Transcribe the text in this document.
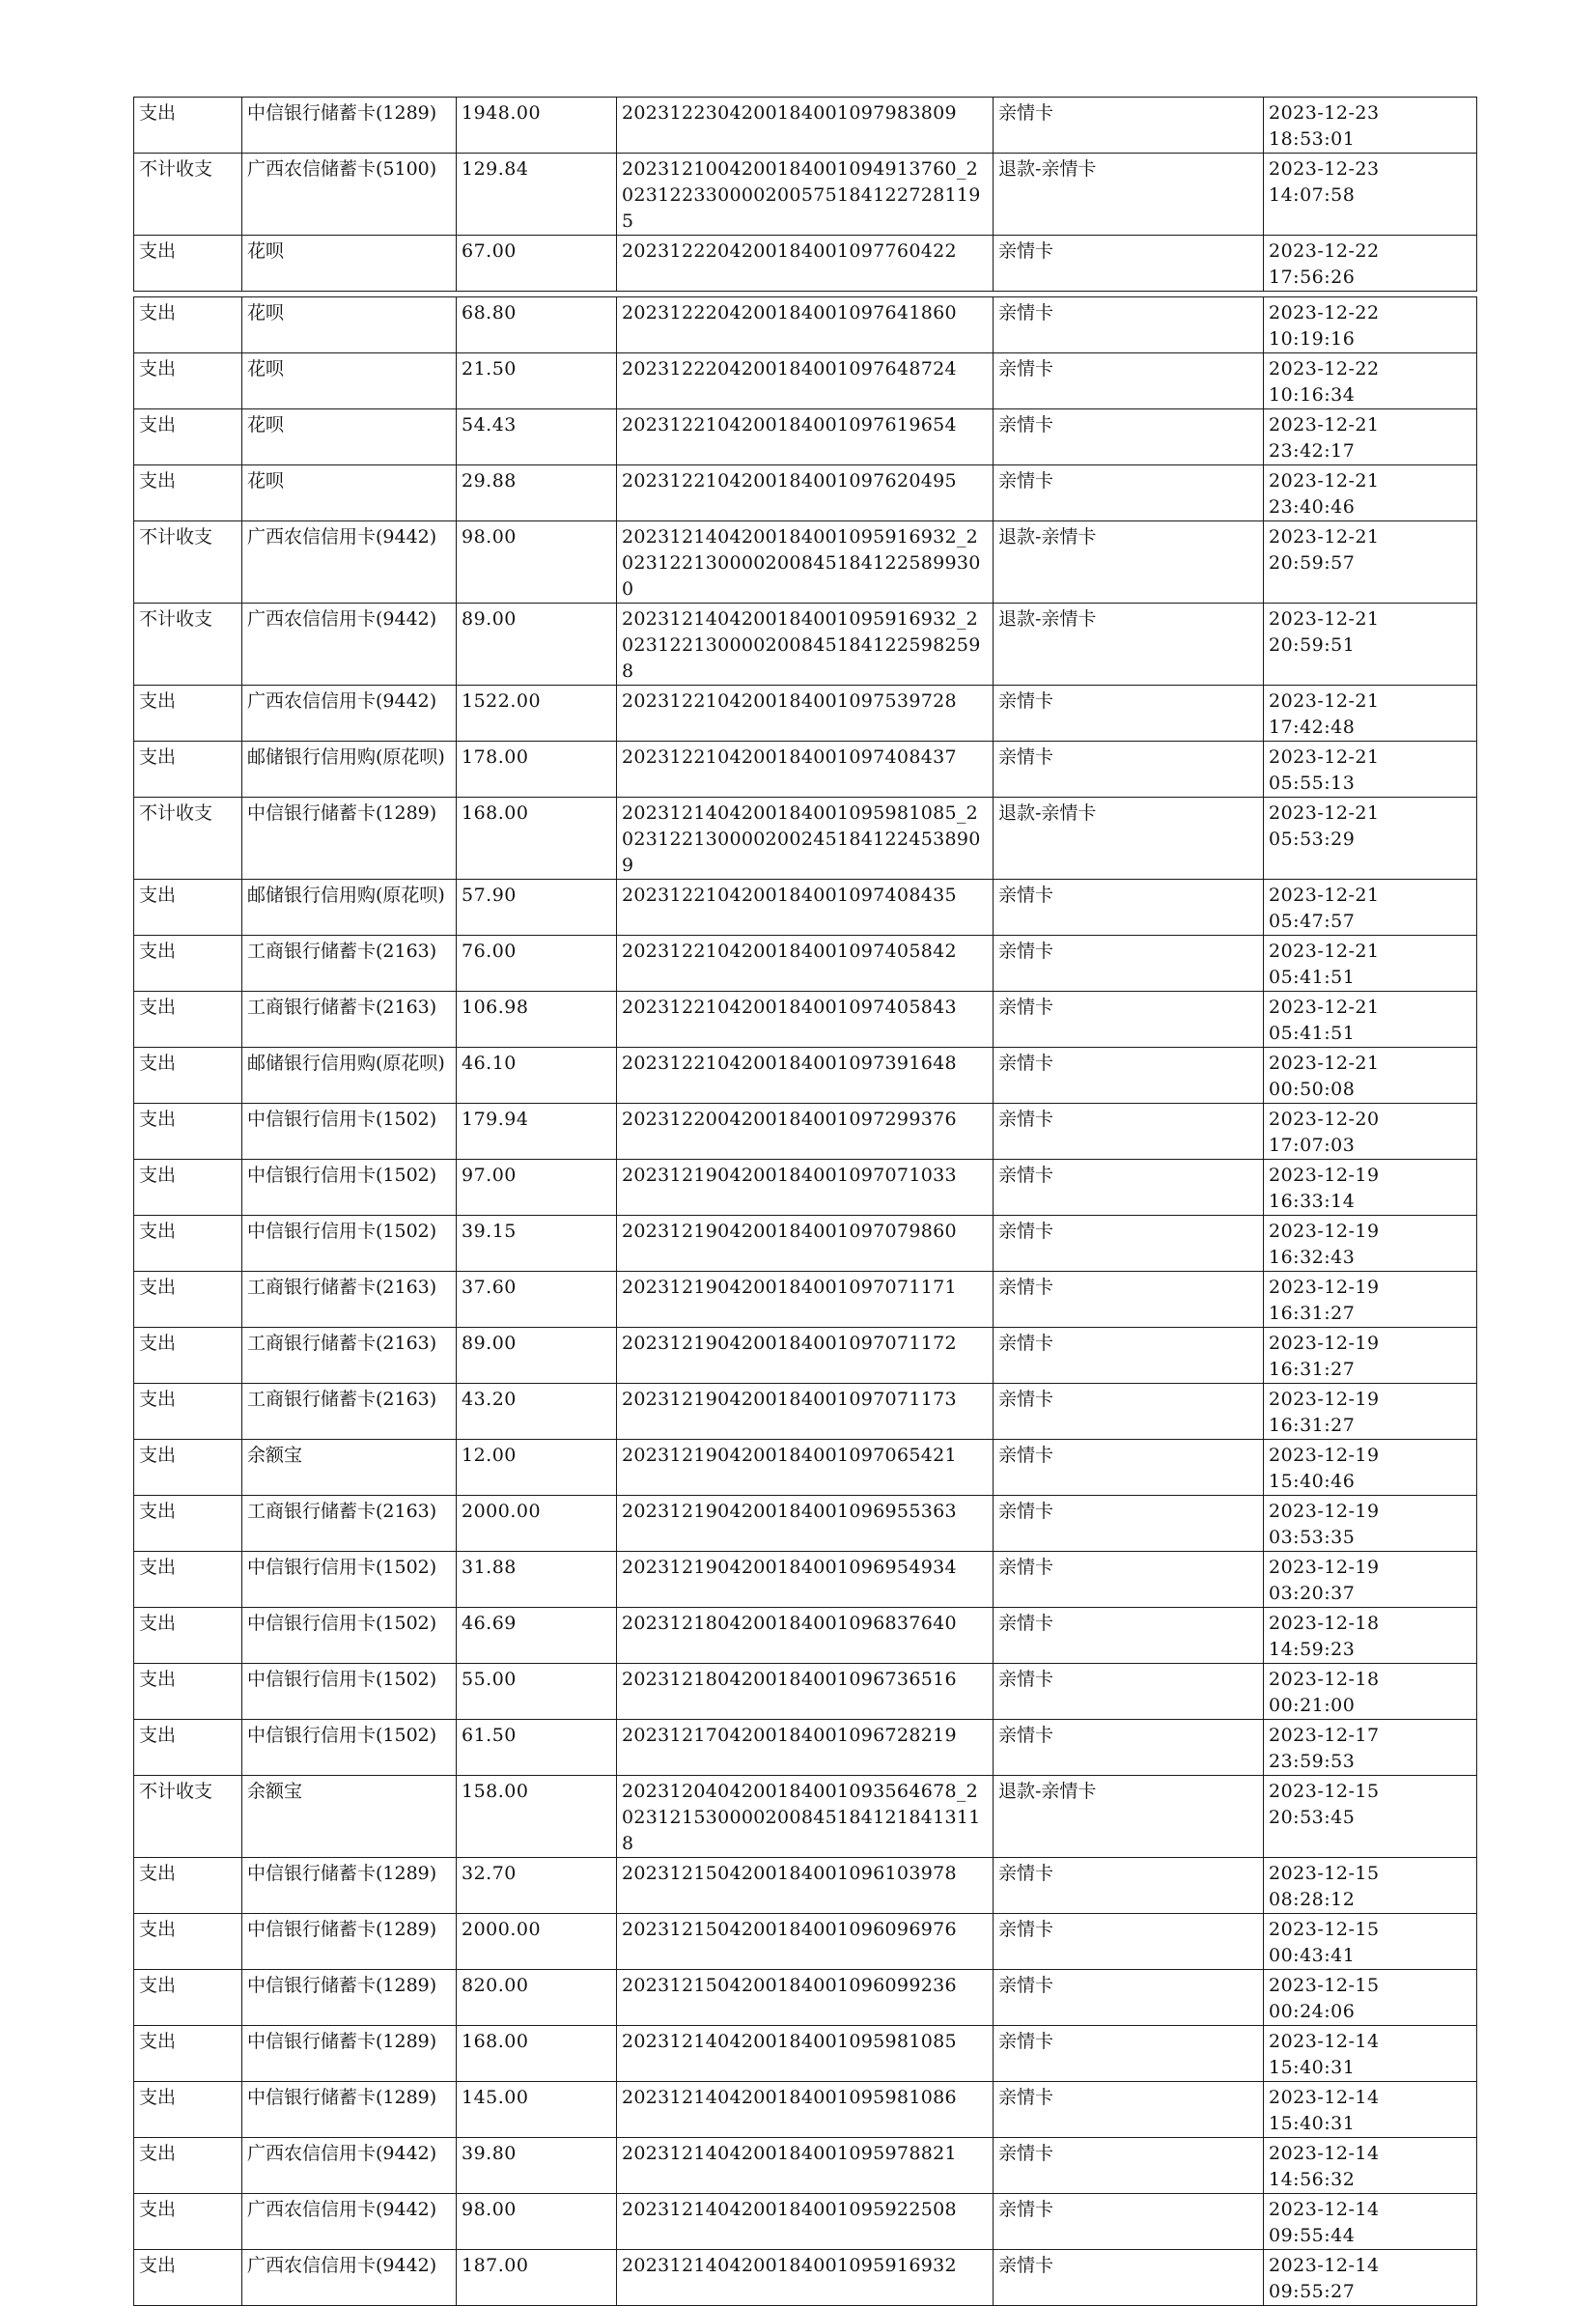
支出	中信银行储蓄卡(1289)	1948.00	2023122304200184001097983809	亲情卡	2023-12-23
18:53:01

不计收支	广西农信储蓄卡(5100)	129.84	2023121004200184001094913760_2023122330000200575184122728​1195	退款-亲情卡	2023-12-23
14:07:58

支出	花呗	67.00	2023122204200184001097760422	亲情卡	2023-12-22
17:56:26
支出	花呗	68.80	2023122204200184001097641860	亲情卡	2023-12-22
10:19:16

支出	花呗	21.50	2023122204200184001097648724	亲情卡	2023-12-22
10:16:34

支出	花呗	54.43	2023122104200184001097619654	亲情卡	2023-12-21
23:42:17

支出	花呗	29.88	2023122104200184001097620495	亲情卡	2023-12-21
23:40:46

不计收支	广西农信信用卡(9442)	98.00	2023121404200184001095916932_2023122130000200845184122589​9300	退款-亲情卡	2023-12-21
20:59:57

不计收支	广西农信信用卡(9442)	89.00	2023121404200184001095916932_2023122130000200845184122598​2598	退款-亲情卡	2023-12-21
20:59:51

支出	广西农信信用卡(9442)	1522.00	2023122104200184001097539728	亲情卡	2023-12-21
17:42:48

支出	邮储银行信用购(原花呗)	178.00	2023122104200184001097408437	亲情卡	2023-12-21
05:55:13

不计收支	中信银行储蓄卡(1289)	168.00	2023121404200184001095981085_2023122130000200245184122453​8909	退款-亲情卡	2023-12-21
05:53:29

支出	邮储银行信用购(原花呗)	57.90	2023122104200184001097408435	亲情卡	2023-12-21
05:47:57

支出	工商银行储蓄卡(2163)	76.00	2023122104200184001097405842	亲情卡	2023-12-21
05:41:51

支出	工商银行储蓄卡(2163)	106.98	2023122104200184001097405843	亲情卡	2023-12-21
05:41:51

支出	邮储银行信用购(原花呗)	46.10	2023122104200184001097391648	亲情卡	2023-12-21
00:50:08

支出	中信银行信用卡(1502)	179.94	2023122004200184001097299376	亲情卡	2023-12-20
17:07:03

支出	中信银行信用卡(1502)	97.00	2023121904200184001097071033	亲情卡	2023-12-19
16:33:14

支出	中信银行信用卡(1502)	39.15	2023121904200184001097079860	亲情卡	2023-12-19
16:32:43

支出	工商银行储蓄卡(2163)	37.60	2023121904200184001097071171	亲情卡	2023-12-19
16:31:27

支出	工商银行储蓄卡(2163)	89.00	2023121904200184001097071172	亲情卡	2023-12-19
16:31:27

支出	工商银行储蓄卡(2163)	43.20	2023121904200184001097071173	亲情卡	2023-12-19
16:31:27

支出	余额宝	12.00	2023121904200184001097065421	亲情卡	2023-12-19
15:40:46

支出	工商银行储蓄卡(2163)	2000.00	2023121904200184001096955363	亲情卡	2023-12-19
03:53:35

支出	中信银行信用卡(1502)	31.88	2023121904200184001096954934	亲情卡	2023-12-19
03:20:37

支出	中信银行信用卡(1502)	46.69	2023121804200184001096837640	亲情卡	2023-12-18
14:59:23

支出	中信银行信用卡(1502)	55.00	2023121804200184001096736516	亲情卡	2023-12-18
00:21:00

支出	中信银行信用卡(1502)	61.50	2023121704200184001096728219	亲情卡	2023-12-17
23:59:53

不计收支	余额宝	158.00	2023120404200184001093564678_2023121530000200845184121841​3118	退款-亲情卡	2023-12-15
20:53:45

支出	中信银行储蓄卡(1289)	32.70	2023121504200184001096103978	亲情卡	2023-12-15
08:28:12

支出	中信银行储蓄卡(1289)	2000.00	2023121504200184001096096976	亲情卡	2023-12-15
00:43:41

支出	中信银行储蓄卡(1289)	820.00	2023121504200184001096099236	亲情卡	2023-12-15
00:24:06

支出	中信银行储蓄卡(1289)	168.00	2023121404200184001095981085	亲情卡	2023-12-14
15:40:31

支出	中信银行储蓄卡(1289)	145.00	2023121404200184001095981086	亲情卡	2023-12-14
15:40:31

支出	广西农信信用卡(9442)	39.80	2023121404200184001095978821	亲情卡	2023-12-14
14:56:32

支出	广西农信信用卡(9442)	98.00	2023121404200184001095922508	亲情卡	2023-12-14
09:55:44

支出	广西农信信用卡(9442)	187.00	2023121404200184001095916932	亲情卡	2023-12-14
09:55:27
